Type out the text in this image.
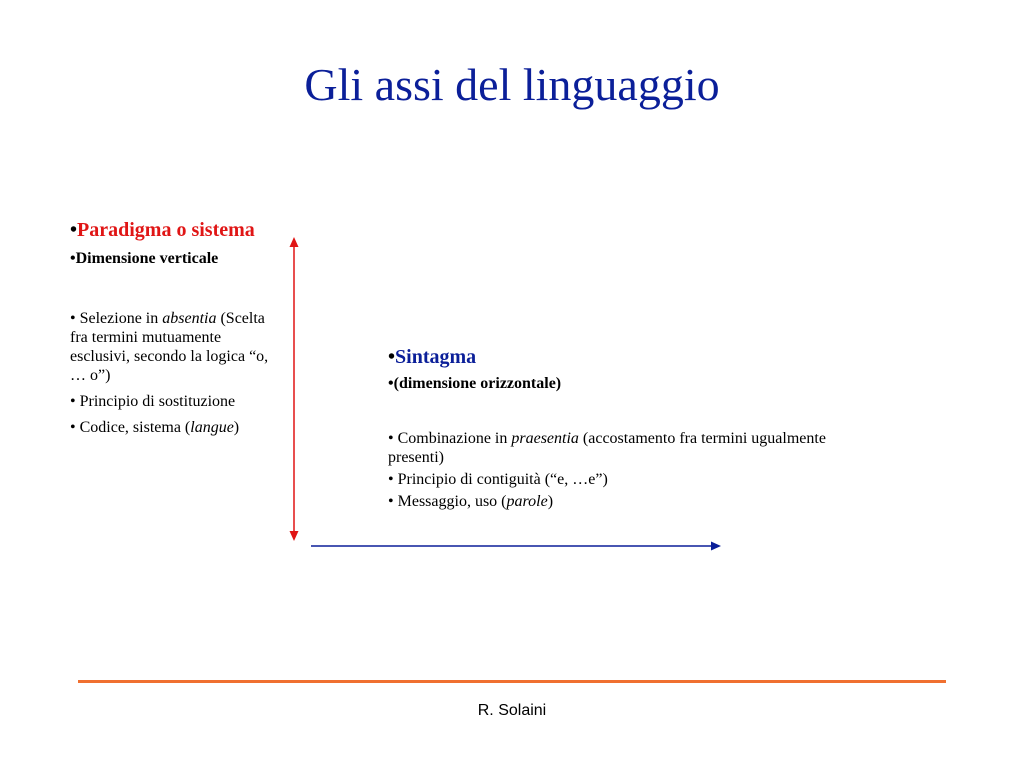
Gli assi del linguaggio

•Paradigma o sistema

•Dimensione verticale

• Selezione in absentia (Scelta fra termini mutuamente esclusivi, secondo la logica “o, … o”)

• Principio di sostituzione

• Codice, sistema (langue)

•Sintagma

•(dimensione orizzontale)

• Combinazione in praesentia (accostamento fra termini ugualmente presenti)

• Principio di contiguità (“e, …e”)

• Messaggio, uso (parole)

R. Solaini
